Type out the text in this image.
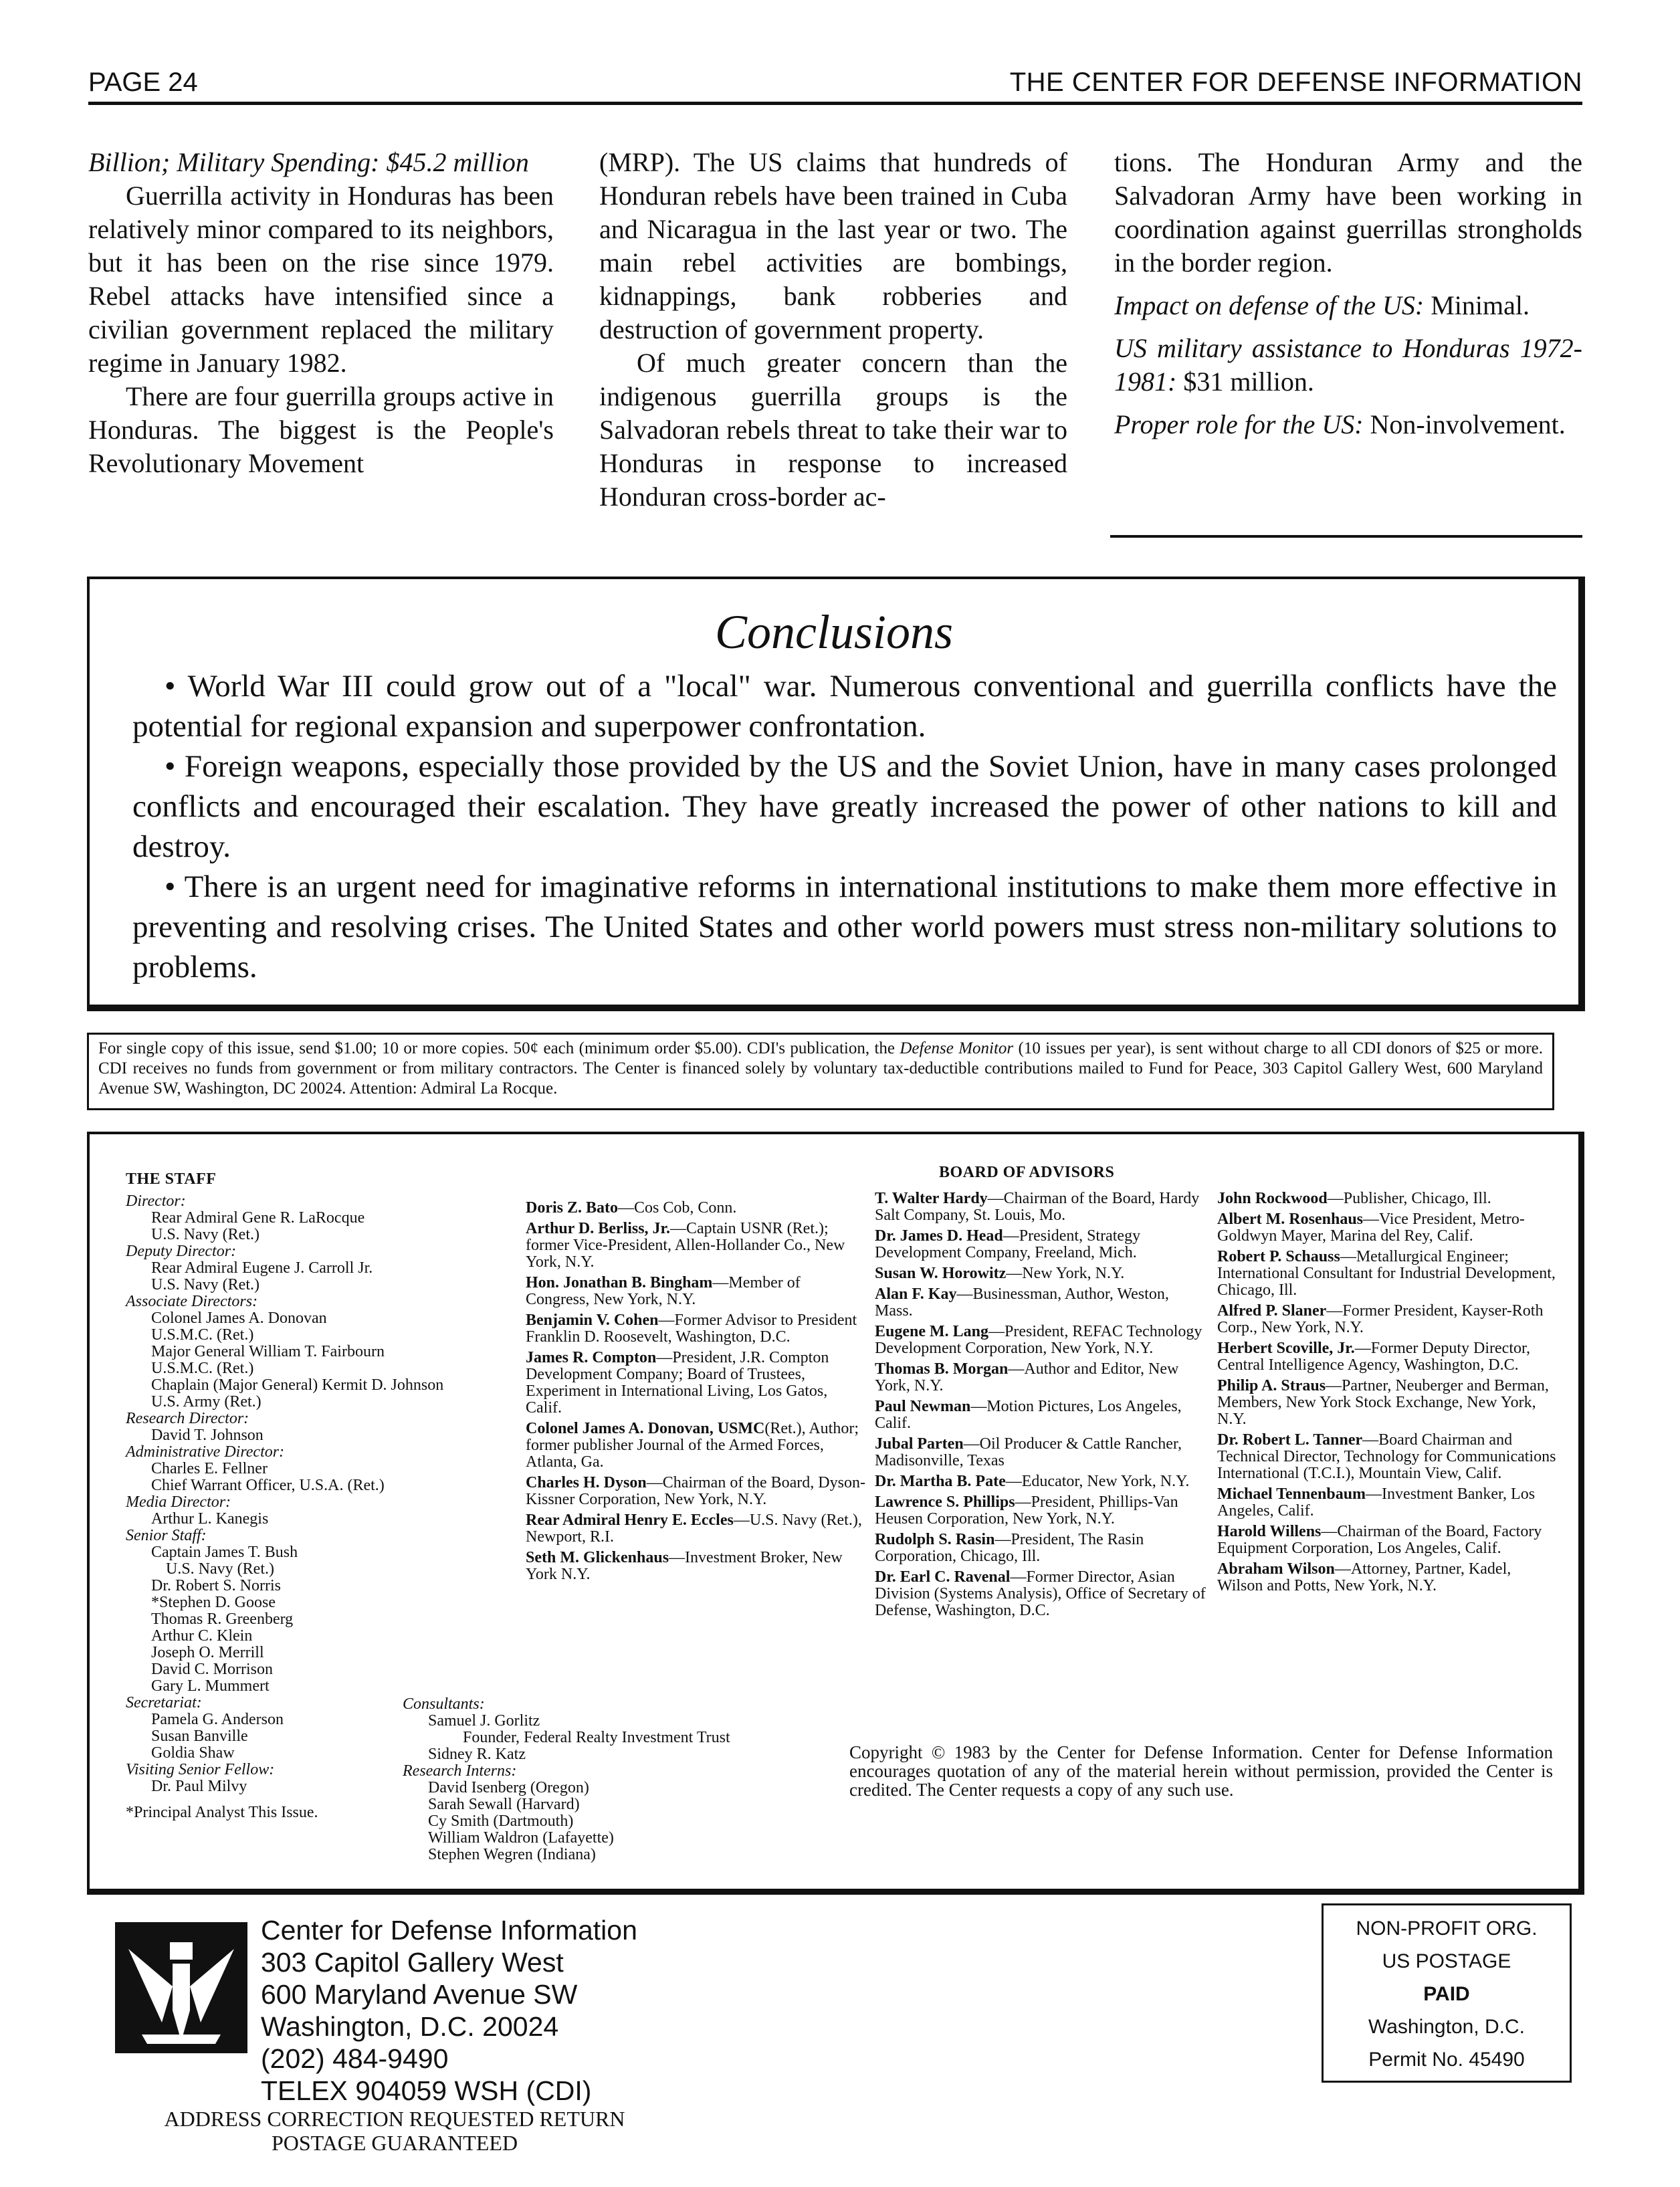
PAGE 24	THE CENTER FOR DEFENSE INFORMATION

Billion; Military Spending: $45.2 million

Guerrilla activity in Honduras has been relatively minor compared to its neighbors, but it has been on the rise since 1979. Rebel attacks have intensified since a civilian government replaced the military regime in January 1982.

There are four guerrilla groups active in Honduras. The biggest is the People's Revolutionary Movement

(MRP). The US claims that hundreds of Honduran rebels have been trained in Cuba and Nicaragua in the last year or two. The main rebel activities are bombings, kidnappings, bank robberies and destruction of government property.

Of much greater concern than the indigenous guerrilla groups is the Salvadoran rebels threat to take their war to Honduras in response to increased Honduran cross-border ac-

tions. The Honduran Army and the Salvadoran Army have been working in coordination against guerrillas strongholds in the border region.

Impact on defense of the US: Minimal.

US military assistance to Honduras 1972-1981: $31 million.

Proper role for the US: Non-involvement.

Conclusions

• World War III could grow out of a "local" war. Numerous conventional and guerrilla conflicts have the potential for regional expansion and superpower confrontation.

• Foreign weapons, especially those provided by the US and the Soviet Union, have in many cases prolonged conflicts and encouraged their escalation. They have greatly increased the power of other nations to kill and destroy.

• There is an urgent need for imaginative reforms in international institutions to make them more effective in preventing and resolving crises. The United States and other world powers must stress non-military solutions to problems.

For single copy of this issue, send $1.00; 10 or more copies. 50¢ each (minimum order $5.00). CDI's publication, the Defense Monitor (10 issues per year), is sent without charge to all CDI donors of $25 or more. CDI receives no funds from government or from military contractors. The Center is financed solely by voluntary tax-deductible contributions mailed to Fund for Peace, 303 Capitol Gallery West, 600 Maryland Avenue SW, Washington, DC 20024. Attention: Admiral La Rocque.
THE STAFF	BOARD OF ADVISORS
Director:
Rear Admiral Gene R. LaRocque
U.S. Navy (Ret.)
Deputy Director:
Rear Admiral Eugene J. Carroll Jr.
U.S. Navy (Ret.)
Associate Directors:
Colonel James A. Donovan
U.S.M.C. (Ret.)
Major General William T. Fairbourn
U.S.M.C. (Ret.)
Chaplain (Major General) Kermit D. Johnson
U.S. Army (Ret.)
Research Director:
David T. Johnson
Administrative Director:
Charles E. Fellner
Chief Warrant Officer, U.S.A. (Ret.)
Media Director:
Arthur L. Kanegis
Senior Staff:
Captain James T. Bush
U.S. Navy (Ret.)
Dr. Robert S. Norris
*Stephen D. Goose
Thomas R. Greenberg
Arthur C. Klein
Joseph O. Merrill
David C. Morrison
Gary L. Mummert
Secretariat:
Pamela G. Anderson
Susan Banville
Goldia Shaw
Visiting Senior Fellow:
Dr. Paul Milvy
*Principal Analyst This Issue.
Consultants:
Samuel J. Gorlitz
Founder, Federal Realty Investment Trust
Sidney R. Katz
Research Interns:
David Isenberg (Oregon)
Sarah Sewall (Harvard)
Cy Smith (Dartmouth)
William Waldron (Lafayette)
Stephen Wegren (Indiana)
Doris Z. Bato—Cos Cob, Conn.
Arthur D. Berliss, Jr.—Captain USNR (Ret.); former Vice-President, Allen-Hollander Co., New York, N.Y.
Hon. Jonathan B. Bingham—Member of Congress, New York, N.Y.
Benjamin V. Cohen—Former Advisor to President Franklin D. Roosevelt, Washington, D.C.
James R. Compton—President, J.R. Compton Development Company; Board of Trustees, Experiment in International Living, Los Gatos, Calif.
Colonel James A. Donovan, USMC(Ret.), Author; former publisher Journal of the Armed Forces, Atlanta, Ga.
Charles H. Dyson—Chairman of the Board, Dyson-Kissner Corporation, New York, N.Y.
Rear Admiral Henry E. Eccles—U.S. Navy (Ret.), Newport, R.I.
Seth M. Glickenhaus—Investment Broker, New York N.Y.
T. Walter Hardy—Chairman of the Board, Hardy Salt Company, St. Louis, Mo.
Dr. James D. Head—President, Strategy Development Company, Freeland, Mich.
Susan W. Horowitz—New York, N.Y.
Alan F. Kay—Businessman, Author, Weston, Mass.
Eugene M. Lang—President, REFAC Technology Development Corporation, New York, N.Y.
Thomas B. Morgan—Author and Editor, New York, N.Y.
Paul Newman—Motion Pictures, Los Angeles, Calif.
Jubal Parten—Oil Producer & Cattle Rancher, Madisonville, Texas
Dr. Martha B. Pate—Educator, New York, N.Y.
Lawrence S. Phillips—President, Phillips-Van Heusen Corporation, New York, N.Y.
Rudolph S. Rasin—President, The Rasin Corporation, Chicago, Ill.
Dr. Earl C. Ravenal—Former Director, Asian Division (Systems Analysis), Office of Secretary of Defense, Washington, D.C.
John Rockwood—Publisher, Chicago, Ill.
Albert M. Rosenhaus—Vice President, Metro-Goldwyn Mayer, Marina del Rey, Calif.
Robert P. Schauss—Metallurgical Engineer; International Consultant for Industrial Development, Chicago, Ill.
Alfred P. Slaner—Former President, Kayser-Roth Corp., New York, N.Y.
Herbert Scoville, Jr.—Former Deputy Director, Central Intelligence Agency, Washington, D.C.
Philip A. Straus—Partner, Neuberger and Berman, Members, New York Stock Exchange, New York, N.Y.
Dr. Robert L. Tanner—Board Chairman and Technical Director, Technology for Communications International (T.C.I.), Mountain View, Calif.
Michael Tennenbaum—Investment Banker, Los Angeles, Calif.
Harold Willens—Chairman of the Board, Factory Equipment Corporation, Los Angeles, Calif.
Abraham Wilson—Attorney, Partner, Kadel, Wilson and Potts, New York, N.Y.
Copyright © 1983 by the Center for Defense Information. Center for Defense Information encourages quotation of any of the material herein without permission, provided the Center is credited. The Center requests a copy of any such use.
Center for Defense Information
303 Capitol Gallery West
600 Maryland Avenue SW
Washington, D.C. 20024
(202) 484-9490
TELEX 904059 WSH (CDI)
ADDRESS CORRECTION REQUESTED RETURN
POSTAGE GUARANTEED
NON-PROFIT ORG.
US POSTAGE
PAID
Washington, D.C.
Permit No. 45490
